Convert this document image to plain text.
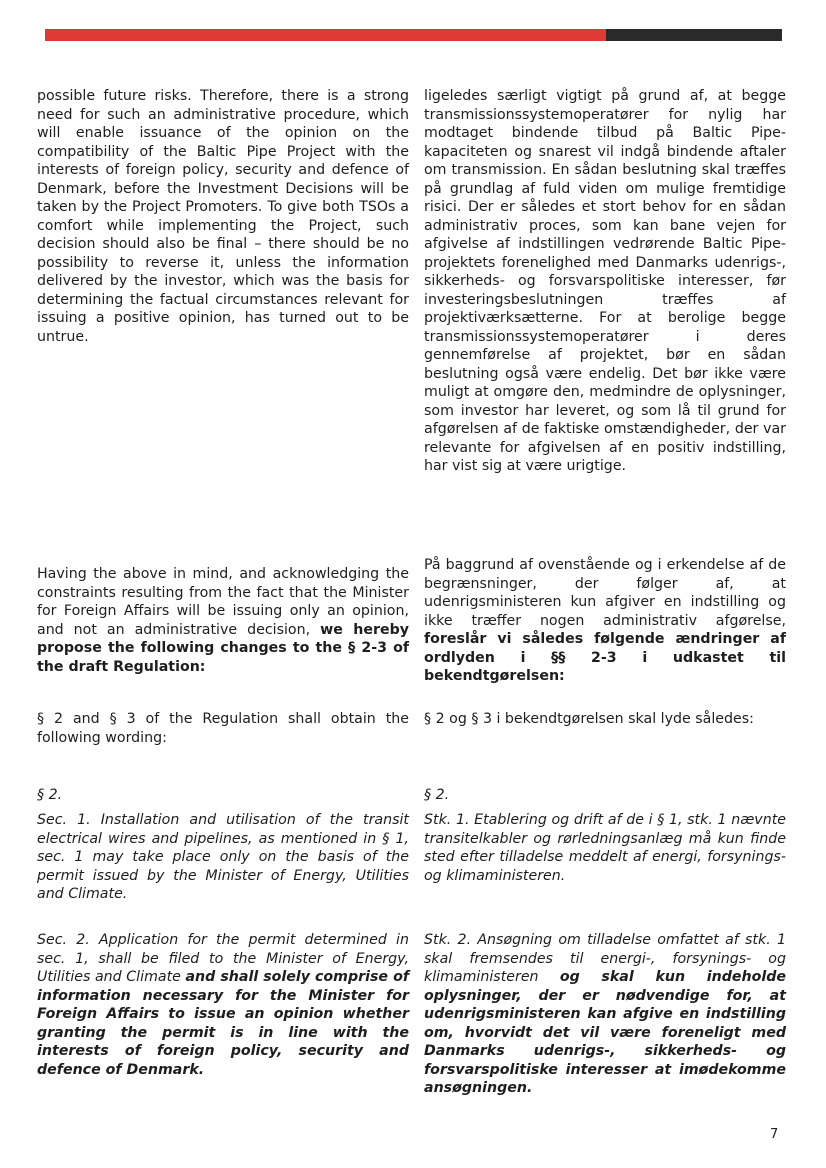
possible future risks. Therefore, there is a strong need for such an administrative procedure, which will enable issuance of the opinion on the compatibility of the Baltic Pipe Project with the interests of foreign policy, security and defence of Denmark, before the Investment Decisions will be taken by the Project Promoters. To give both TSOs a comfort while implementing the Project, such decision should also be final – there should be no possibility to reverse it, unless the information delivered by the investor, which was the basis for determining the factual circumstances relevant for issuing a positive opinion, has turned out to be untrue.

ligeledes særligt vigtigt på grund af, at begge transmissionssystemoperatører for nylig har modtaget bindende tilbud på Baltic Pipe-kapaciteten og snarest vil indgå bindende aftaler om transmission. En sådan beslutning skal træffes på grundlag af fuld viden om mulige fremtidige risici. Der er således et stort behov for en sådan administrativ proces, som kan bane vejen for afgivelse af indstillingen vedrørende Baltic Pipe-projektets forenelighed med Danmarks udenrigs-, sikkerheds- og forsvarspolitiske interesser, før investeringsbeslutningen træffes af projektiværksætterne. For at berolige begge transmissionssystemoperatører i deres gennemførelse af projektet, bør en sådan beslutning også være endelig. Det bør ikke være muligt at omgøre den, medmindre de oplysninger, som investor har leveret, og som lå til grund for afgørelsen af de faktiske omstændigheder, der var relevante for afgivelsen af en positiv indstilling, har vist sig at være urigtige.

Having the above in mind, and acknowledging the constraints resulting from the fact that the Minister for Foreign Affairs will be issuing only an opinion, and not an administrative decision, we hereby propose the following changes to the § 2-3 of the draft Regulation:

På baggrund af ovenstående og i erkendelse af de begrænsninger, der følger af, at udenrigsministeren kun afgiver en indstilling og ikke træffer nogen administrativ afgørelse, foreslår vi således følgende ændringer af ordlyden i §§ 2-3 i udkastet til bekendtgørelsen:

§ 2 and § 3 of the Regulation shall obtain the following wording:

§ 2 og § 3 i bekendtgørelsen skal lyde således:

§ 2.	§ 2.

Sec. 1. Installation and utilisation of the transit electrical wires and pipelines, as mentioned in § 1, sec. 1 may take place only on the basis of the permit issued by the Minister of Energy, Utilities and Climate.

Stk. 1. Etablering og drift af de i § 1, stk. 1 nævnte transitelkabler og rørledningsanlæg må kun finde sted efter tilladelse meddelt af energi, forsynings- og klimaministeren.

Sec. 2. Application for the permit determined in sec. 1, shall be filed to the Minister of Energy, Utilities and Climate and shall solely comprise of information necessary for the Minister for Foreign Affairs to issue an opinion whether granting the permit is in line with the interests of foreign policy, security and defence of Denmark.

Stk. 2. Ansøgning om tilladelse omfattet af stk. 1 skal fremsendes til energi-, forsynings- og klimaministeren og skal kun indeholde oplysninger, der er nødvendige for, at udenrigsministeren kan afgive en indstilling om, hvorvidt det vil være foreneligt med Danmarks udenrigs-, sikkerheds- og forsvarspolitiske interesser at imødekomme ansøgningen.

7
